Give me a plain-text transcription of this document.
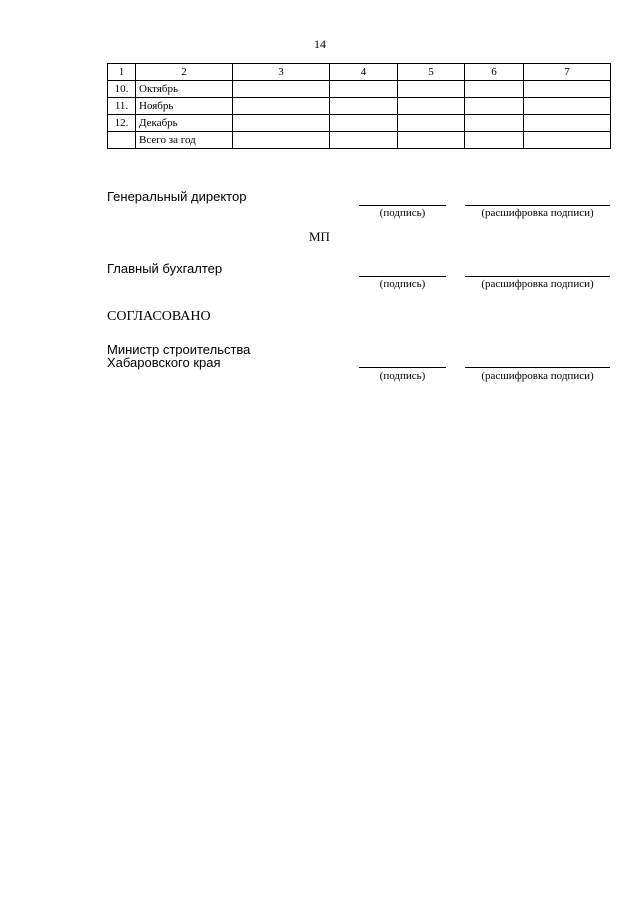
14
1	2	3	4	5	6	7
10.	Октябрь					
11.	Ноябрь					
12.	Декабрь					
	Всего за год					
Генеральный директор
(подпись)	(расшифровка подписи)
МП
Главный бухгалтер
(подпись)	(расшифровка подписи)
СОГЛАСОВАНО
Министр строительства
Хабаровского края
(подпись)	(расшифровка подписи)
